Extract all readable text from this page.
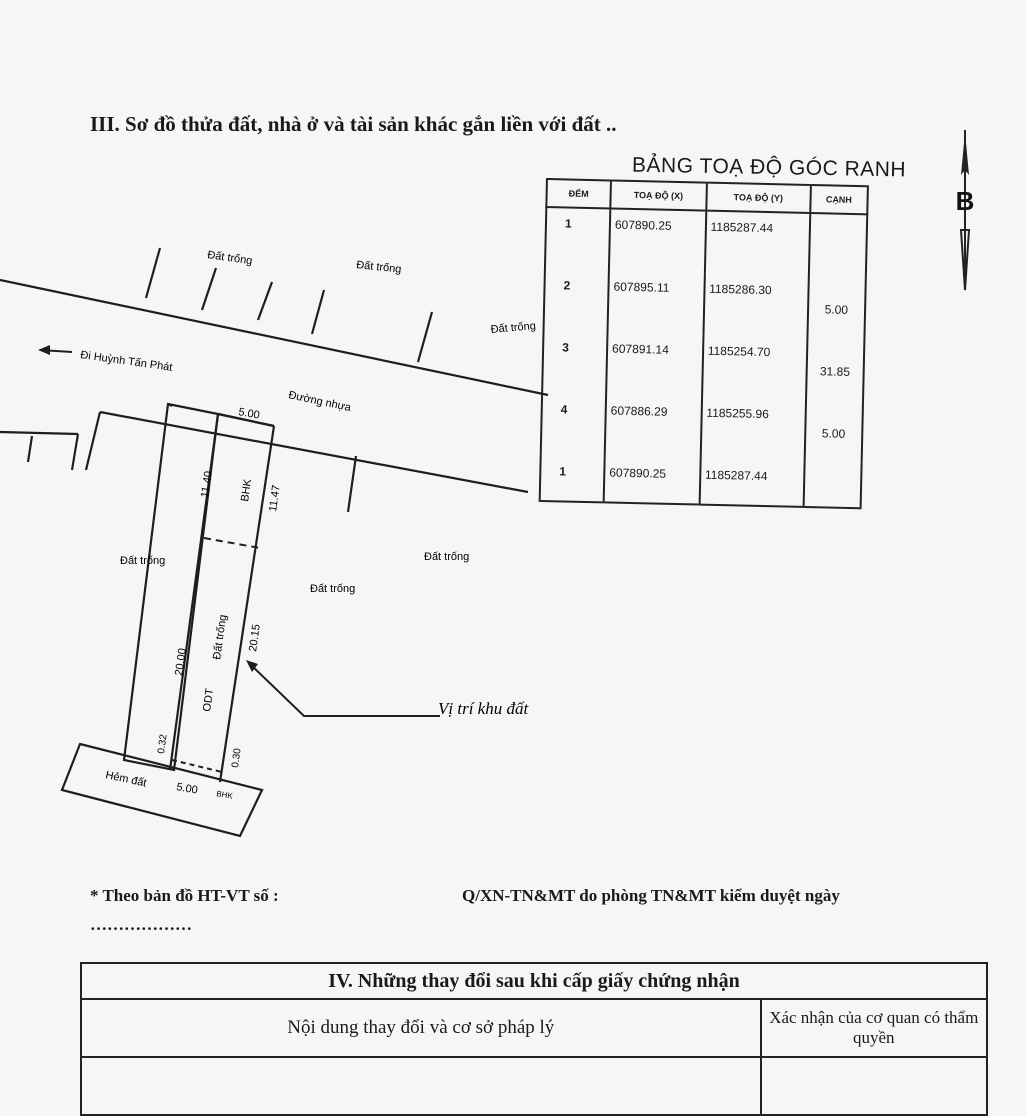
III. Sơ đồ thửa đất, nhà ở và tài sản khác gắn liền với đất ..
BẢNG TOẠ ĐỘ GÓC RANH
ĐỂM	TOẠ ĐỘ (X)	TOẠ ĐỘ (Y)	CẠNH
1	607890.25	1185287.44	
2	607895.11	1185286.30	5.00
3	607891.14	1185254.70	31.85
4	607886.29	1185255.96	5.00
1	607890.25	1185287.44	
B
Đất trống
Đất trống
Đất trống
Đi Huỳnh Tấn Phát
Đường nhựa
5.00
11.40 BHK 11.47
Đất trống	Đất trống
Đất trống
Đất trống
20.00
20.15
ODT	Vị trí khu đất
0.32
0.30
Hẻm đất	5.00 BHK
* Theo bản đồ HT-VT số :	Q/XN-TN&MT do phòng TN&MT kiểm duyệt ngày
………………
IV. Những thay đổi sau khi cấp giấy chứng nhận	
Nội dung thay đổi và cơ sở pháp lý	Xác nhận của cơ quan có thẩm quyền
